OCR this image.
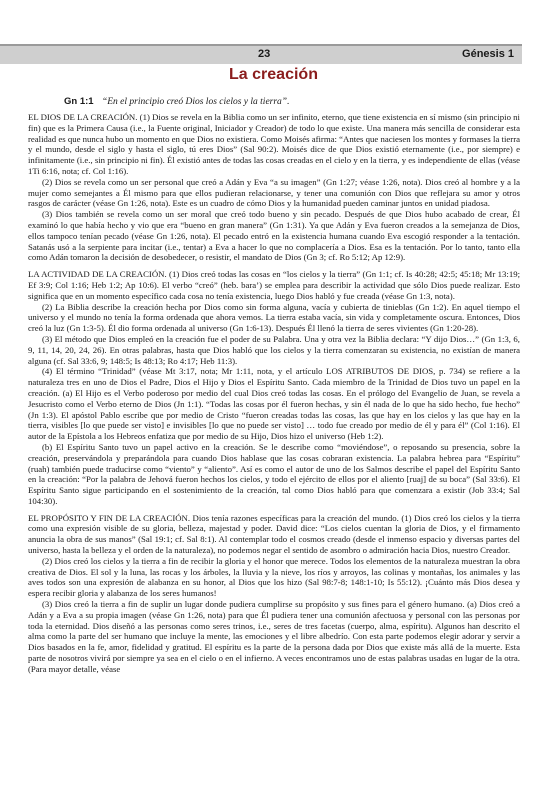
23	Génesis 1
La creación
Gn 1:1 “En el principio creó Dios los cielos y la tierra”.

EL DIOS DE LA CREACIÓN. (1) Dios se revela en la Biblia como un ser infinito, eterno, que tiene existencia en sí mismo (sin principio ni fin) que es la Primera Causa (i.e., la Fuente original, Iniciador y Creador) de todo lo que existe. Una manera más sencilla de considerar esta realidad es que nunca hubo un momento en que Dios no existiera. Como Moisés afirma: “Antes que naciesen los montes y formases la tierra y el mundo, desde el siglo y hasta el siglo, tú eres Dios” (Sal 90:2). Moisés dice de que Dios existió eternamente (i.e., por siempre) e infinitamente (i.e., sin principio ni fin). Él existió antes de todas las cosas creadas en el cielo y en la tierra, y es independiente de ellas (véase 1Ti 6:16, nota; cf. Col 1:16).

(2) Dios se revela como un ser personal que creó a Adán y Eva “a su imagen” (Gn 1:27; véase 1:26, nota). Dios creó al hombre y a la mujer como semejantes a Él mismo para que ellos pudieran relacionarse, y tener una comunión con Dios que reflejara su amor y otros rasgos de carácter (véase Gn 1:26, nota). Este es un cuadro de cómo Dios y la humanidad pueden caminar juntos en unidad piadosa.

(3) Dios también se revela como un ser moral que creó todo bueno y sin pecado. Después de que Dios hubo acabado de crear, Él examinó lo que había hecho y vio que era “bueno en gran manera” (Gn 1:31). Ya que Adán y Eva fueron creados a la semejanza de Dios, ellos tampoco tenían pecado (véase Gn 1:26, nota). El pecado entró en la existencia humana cuando Eva escogió responder a la tentación. Satanás usó a la serpiente para incitar (i.e., tentar) a Eva a hacer lo que no complacería a Dios. Esa es la tentación. Por lo tanto, tanto ella como Adán tomaron la decisión de desobedecer, o resistir, el mandato de Dios (Gn 3; cf. Ro 5:12; Ap 12:9).

LA ACTIVIDAD DE LA CREACIÓN. (1) Dios creó todas las cosas en “los cielos y la tierra” (Gn 1:1; cf. Is 40:28; 42:5; 45:18; Mr 13:19; Ef 3:9; Col 1:16; Heb 1:2; Ap 10:6). El verbo “creó” (heb. bara’) se emplea para describir la actividad que sólo Dios puede realizar. Esto significa que en un momento específico cada cosa no tenía existencia, luego Dios habló y fue creada (véase Gn 1:3, nota).

(2) La Biblia describe la creación hecha por Dios como sin forma alguna, vacía y cubierta de tinieblas (Gn 1:2). En aquel tiempo el universo y el mundo no tenía la forma ordenada que ahora vemos. La tierra estaba vacía, sin vida y completamente oscura. Entonces, Dios creó la luz (Gn 1:3-5). Él dio forma ordenada al universo (Gn 1:6-13). Después Él llenó la tierra de seres vivientes (Gn 1:20-28).

(3) El método que Dios empleó en la creación fue el poder de su Palabra. Una y otra vez la Biblia declara: “Y dijo Dios…” (Gn 1:3, 6, 9, 11, 14, 20, 24, 26). En otras palabras, hasta que Dios habló que los cielos y la tierra comenzaran su existencia, no existían de manera alguna (cf. Sal 33:6, 9; 148:5; Is 48:13; Ro 4:17; Heb 11:3).

(4) El término “Trinidad” (véase Mt 3:17, nota; Mr 1:11, nota, y el artículo LOS ATRIBUTOS DE DIOS, p. 734) se refiere a la naturaleza tres en uno de Dios el Padre, Dios el Hijo y Dios el Espíritu Santo. Cada miembro de la Trinidad de Dios tuvo un papel en la creación. (a) El Hijo es el Verbo poderoso por medio del cual Dios creó todas las cosas. En el prólogo del Evangelio de Juan, se revela a Jesucristo como el Verbo eterno de Dios (Jn 1:1). “Todas las cosas por él fueron hechas, y sin él nada de lo que ha sido hecho, fue hecho” (Jn 1:3). El apóstol Pablo escribe que por medio de Cristo “fueron creadas todas las cosas, las que hay en los cielos y las que hay en la tierra, visibles [lo que puede ser visto] e invisibles [lo que no puede ser visto] … todo fue creado por medio de él y para él” (Col 1:16). El autor de la Epístola a los Hebreos enfatiza que por medio de su Hijo, Dios hizo el universo (Heb 1:2).

(b) El Espíritu Santo tuvo un papel activo en la creación. Se le describe como “moviéndose”, o reposando su presencia, sobre la creación, preservándola y preparándola para cuando Dios hablase que las cosas cobraran existencia. La palabra hebrea para “Espíritu” (ruah) también puede traducirse como “viento” y “aliento”. Así es como el autor de uno de los Salmos describe el papel del Espíritu Santo en la creación: “Por la palabra de Jehová fueron hechos los cielos, y todo el ejército de ellos por el aliento [ruaj] de su boca” (Sal 33:6). El Espíritu Santo sigue participando en el sostenimiento de la creación, tal como Dios habló para que comenzara a existir (Job 33:4; Sal 104:30).

EL PROPÓSITO Y FIN DE LA CREACIÓN. Dios tenía razones específicas para la creación del mundo. (1) Dios creó los cielos y la tierra como una expresión visible de su gloria, belleza, majestad y poder. David dice: “Los cielos cuentan la gloria de Dios, y el firmamento anuncia la obra de sus manos” (Sal 19:1; cf. Sal 8:1). Al contemplar todo el cosmos creado (desde el inmenso espacio y diversas partes del universo, hasta la belleza y el orden de la naturaleza), no podemos negar el sentido de asombro o admiración hacia Dios, nuestro Creador.

(2) Dios creó los cielos y la tierra a fin de recibir la gloria y el honor que merece. Todos los elementos de la naturaleza muestran la obra creativa de Dios. El sol y la luna, las rocas y los árboles, la lluvia y la nieve, los ríos y arroyos, las colinas y montañas, los animales y las aves todos son una expresión de alabanza en su honor, al Dios que los hizo (Sal 98:7-8; 148:1-10; Is 55:12). ¡Cuánto más Dios desea y espera recibir gloria y alabanza de los seres humanos!

(3) Dios creó la tierra a fin de suplir un lugar donde pudiera cumplirse su propósito y sus fines para el género humano. (a) Dios creó a Adán y a Eva a su propia imagen (véase Gn 1:26, nota) para que Él pudiera tener una comunión afectuosa y personal con las personas por toda la eternidad. Dios diseñó a las personas como seres trinos, i.e., seres de tres facetas (cuerpo, alma, espíritu). Algunos han descrito el alma como la parte del ser humano que incluye la mente, las emociones y el libre albedrío. Con esta parte podemos elegir adorar y servir a Dios basados en la fe, amor, fidelidad y gratitud. El espíritu es la parte de la persona dada por Dios que existe más allá de la muerte. Esta parte de nosotros vivirá por siempre ya sea en el cielo o en el infierno. A veces encontramos uno de estas palabras usadas en lugar de la otra. (Para mayor detalle, véase
